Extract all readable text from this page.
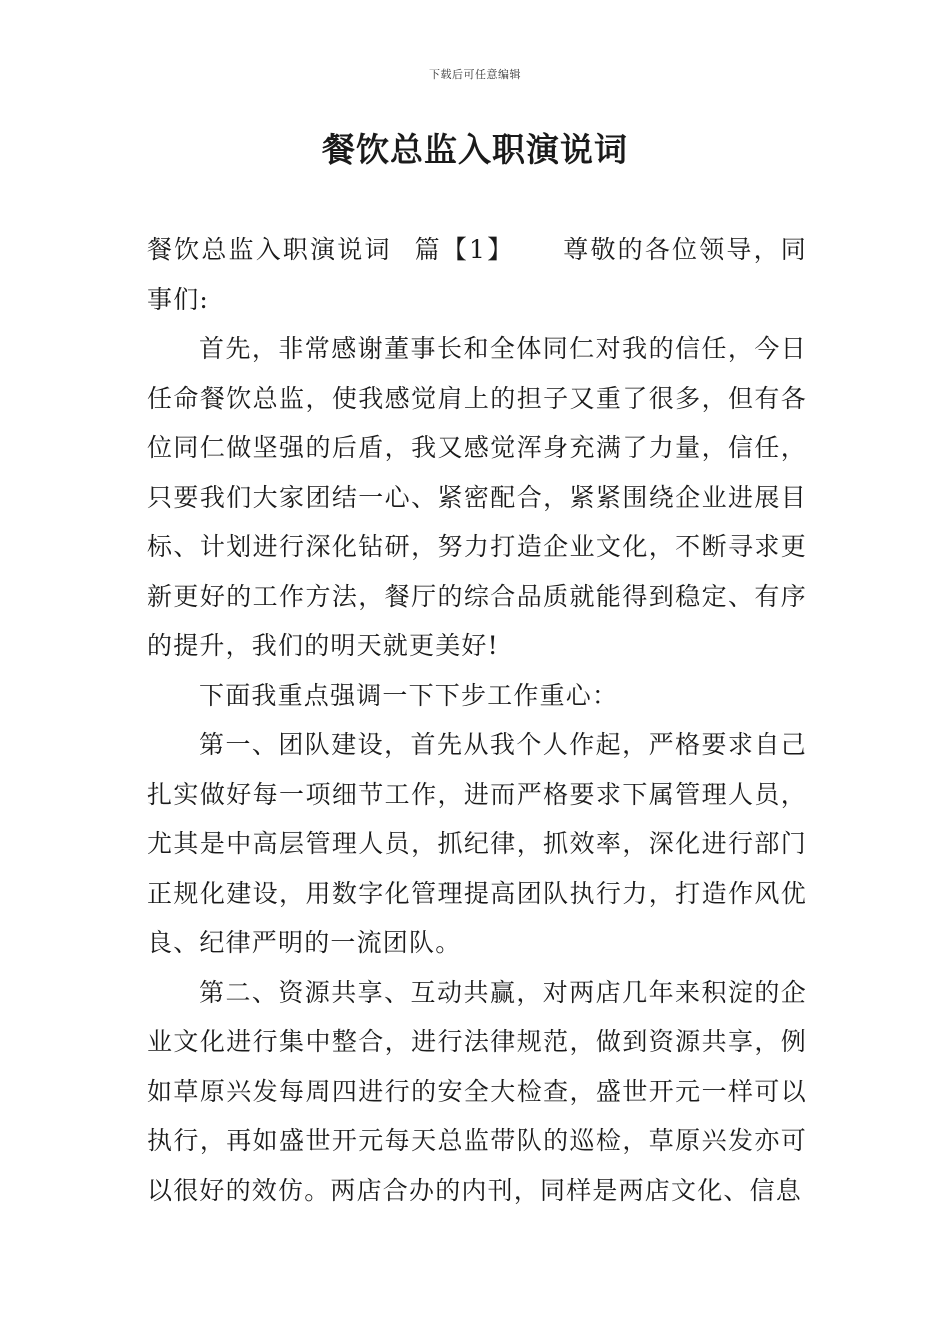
下载后可任意编辑
餐饮总监入职演说词

餐饮总监入职演说词 篇【1】 尊敬的各位领导，同事们:

首先，非常感谢董事长和全体同仁对我的信任，今日任命餐饮总监，使我感觉肩上的担子又重了很多，但有各位同仁做坚强的后盾，我又感觉浑身充满了力量，信任，只要我们大家团结一心、紧密配合，紧紧围绕企业进展目标、计划进行深化钻研，努力打造企业文化，不断寻求更新更好的工作方法，餐厅的综合品质就能得到稳定、有序的提升，我们的明天就更美好!

下面我重点强调一下下步工作重心：

第一、团队建设，首先从我个人作起，严格要求自己扎实做好每一项细节工作，进而严格要求下属管理人员，尤其是中高层管理人员，抓纪律，抓效率，深化进行部门正规化建设，用数字化管理提高团队执行力，打造作风优良、纪律严明的一流团队。

第二、资源共享、互动共赢，对两店几年来积淀的企业文化进行集中整合，进行法律规范，做到资源共享，例如草原兴发每周四进行的安全大检查，盛世开元一样可以执行，再如盛世开元每天总监带队的巡检，草原兴发亦可以很好的效仿。两店合办的内刊，同样是两店文化、信息
